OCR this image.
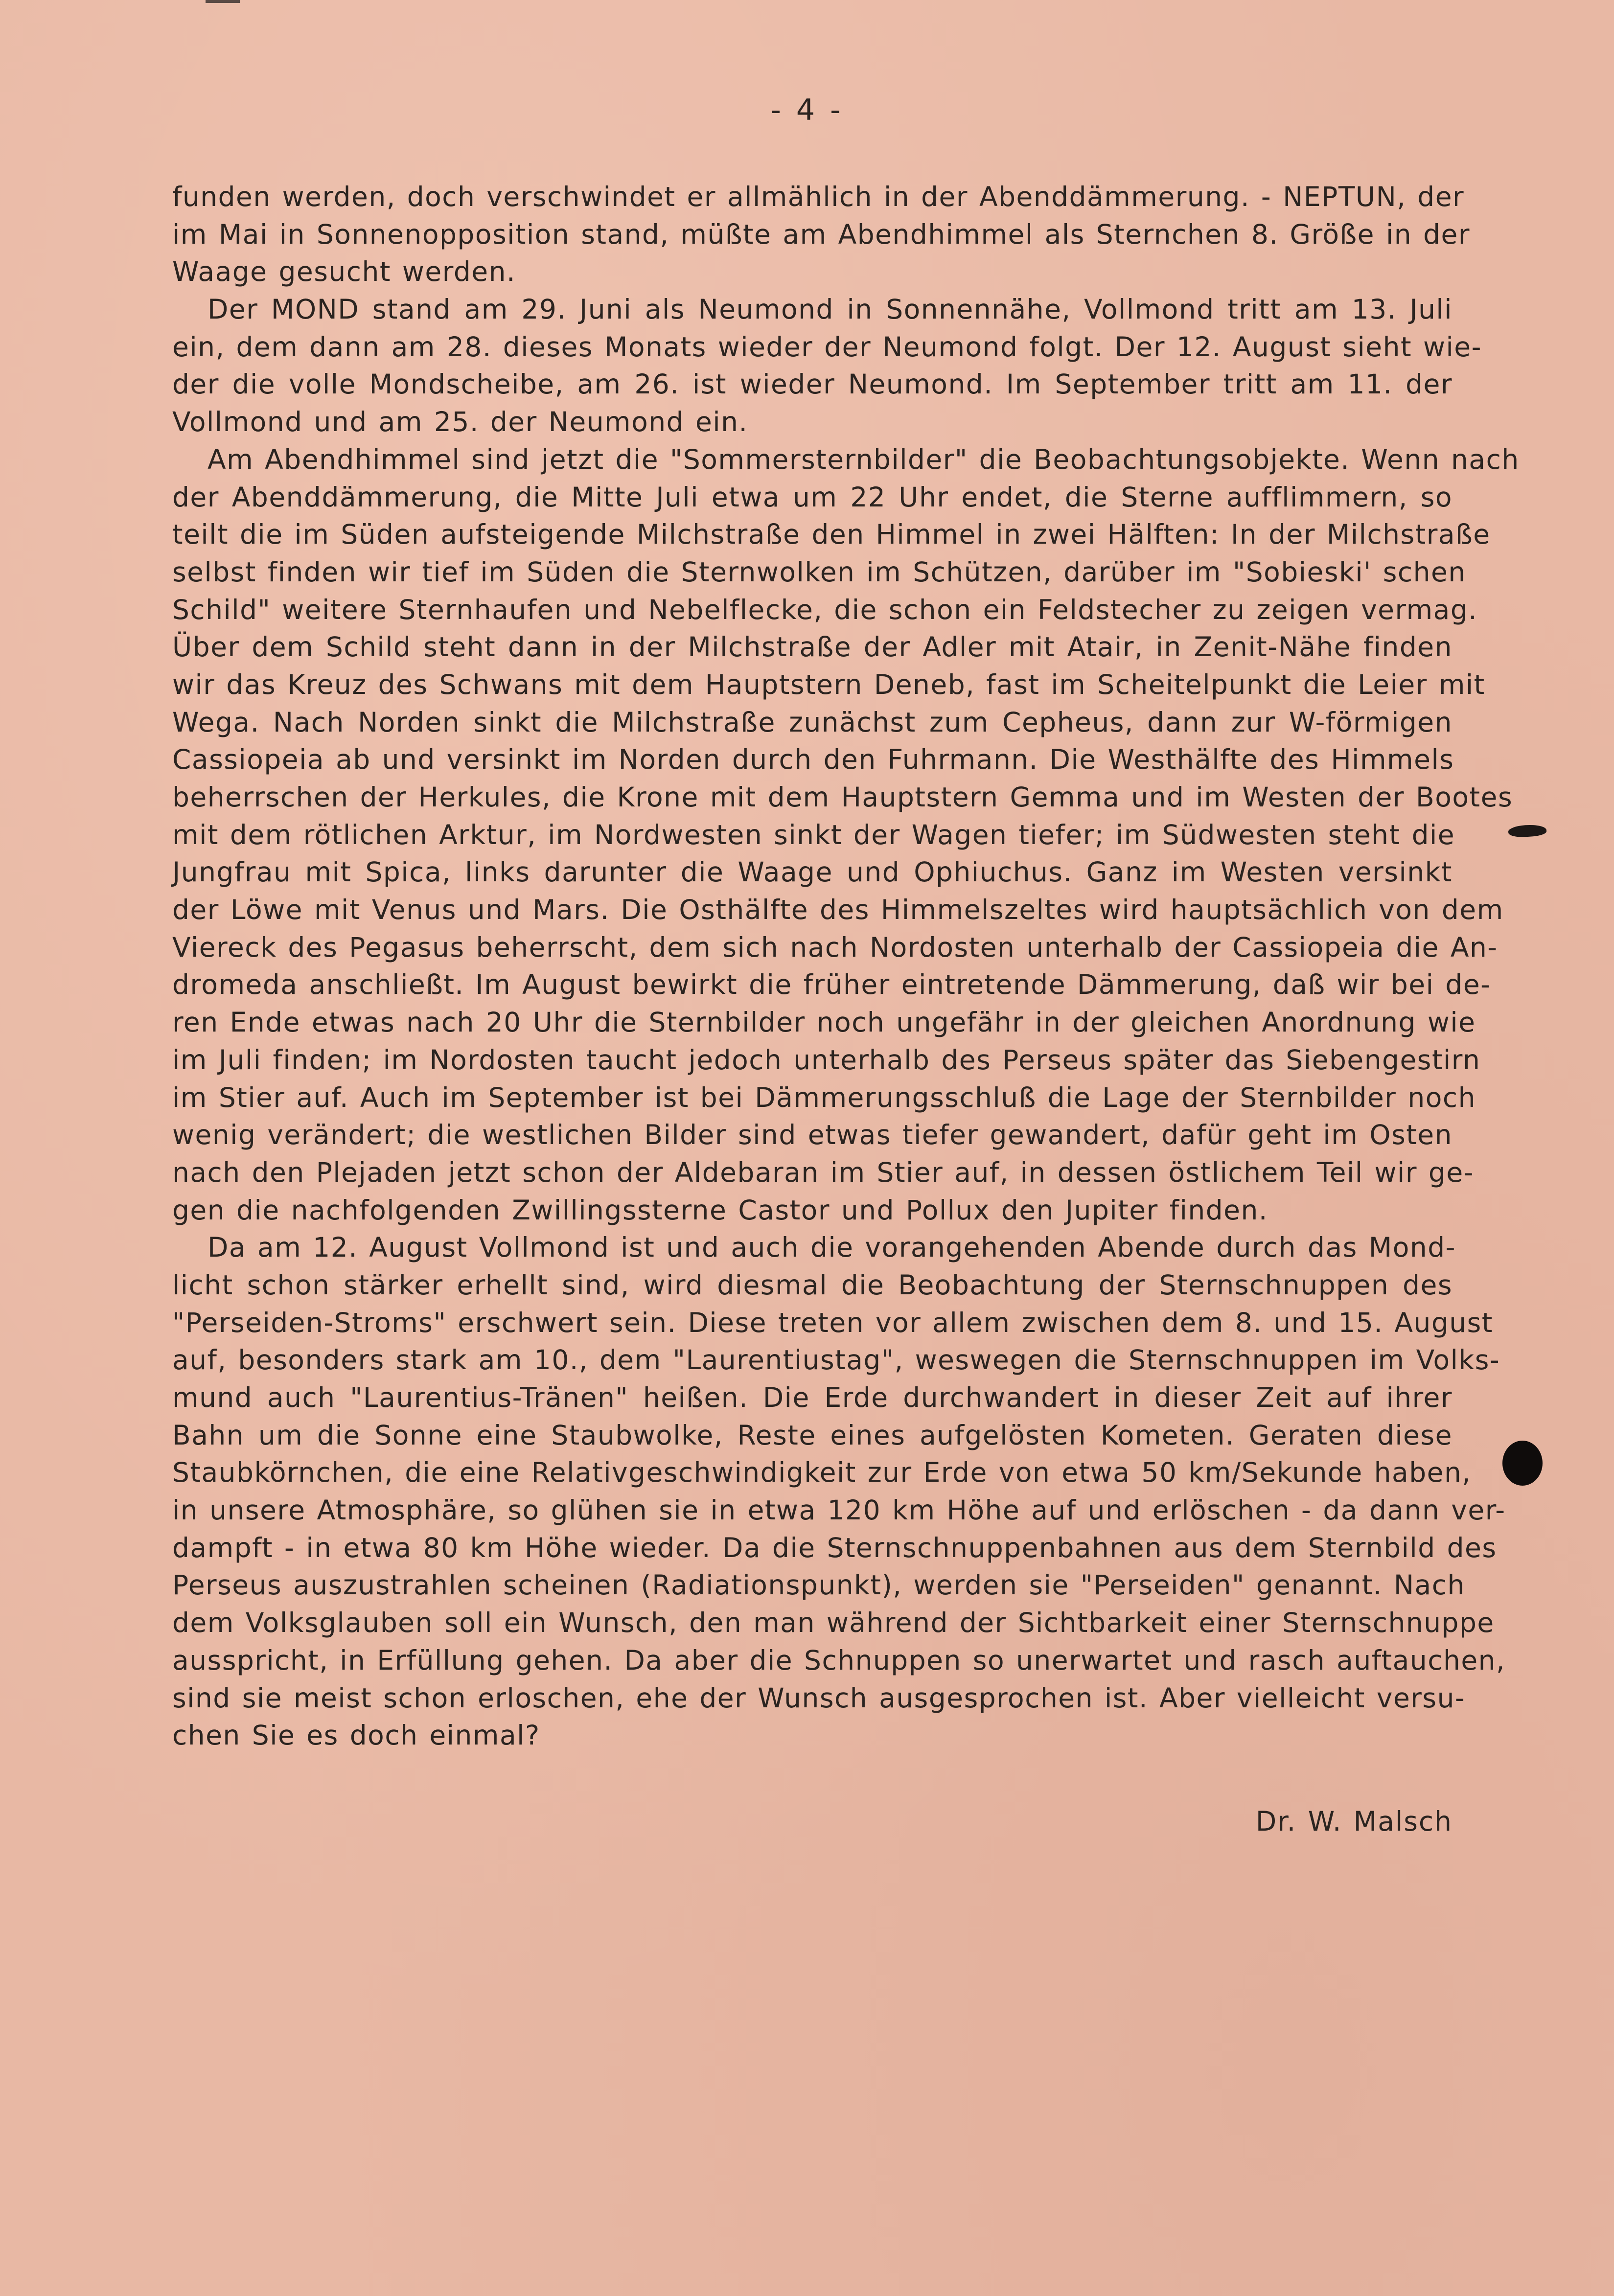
- 4 -
funden werden, doch verschwindet er allmählich in der Abenddämmerung. - NEPTUN, der
im Mai in Sonnenopposition stand, müßte am Abendhimmel als Sternchen 8. Größe in der
Waage gesucht werden.
Der MOND stand am 29. Juni als Neumond in Sonnennähe, Vollmond tritt am 13. Juli
ein, dem dann am 28. dieses Monats wieder der Neumond folgt. Der 12. August sieht wie-
der die volle Mondscheibe, am 26. ist wieder Neumond. Im September tritt am 11. der
Vollmond und am 25. der Neumond ein.
Am Abendhimmel sind jetzt die "Sommersternbilder" die Beobachtungsobjekte. Wenn nach
der Abenddämmerung, die Mitte Juli etwa um 22 Uhr endet, die Sterne aufflimmern, so
teilt die im Süden aufsteigende Milchstraße den Himmel in zwei Hälften: In der Milchstraße
selbst finden wir tief im Süden die Sternwolken im Schützen, darüber im "Sobieski' schen
Schild" weitere Sternhaufen und Nebelflecke, die schon ein Feldstecher zu zeigen vermag.
Über dem Schild steht dann in der Milchstraße der Adler mit Atair, in Zenit-Nähe finden
wir das Kreuz des Schwans mit dem Hauptstern Deneb, fast im Scheitelpunkt die Leier mit
Wega. Nach Norden sinkt die Milchstraße zunächst zum Cepheus, dann zur W-förmigen
Cassiopeia ab und versinkt im Norden durch den Fuhrmann. Die Westhälfte des Himmels
beherrschen der Herkules, die Krone mit dem Hauptstern Gemma und im Westen der Bootes
mit dem rötlichen Arktur, im Nordwesten sinkt der Wagen tiefer; im Südwesten steht die
Jungfrau mit Spica, links darunter die Waage und Ophiuchus. Ganz im Westen versinkt
der Löwe mit Venus und Mars. Die Osthälfte des Himmelszeltes wird hauptsächlich von dem
Viereck des Pegasus beherrscht, dem sich nach Nordosten unterhalb der Cassiopeia die An-
dromeda anschließt. Im August bewirkt die früher eintretende Dämmerung, daß wir bei de-
ren Ende etwas nach 20 Uhr die Sternbilder noch ungefähr in der gleichen Anordnung wie
im Juli finden; im Nordosten taucht jedoch unterhalb des Perseus später das Siebengestirn
im Stier auf. Auch im September ist bei Dämmerungsschluß die Lage der Sternbilder noch
wenig verändert; die westlichen Bilder sind etwas tiefer gewandert, dafür geht im Osten
nach den Plejaden jetzt schon der Aldebaran im Stier auf, in dessen östlichem Teil wir ge-
gen die nachfolgenden Zwillingssterne Castor und Pollux den Jupiter finden.
Da am 12. August Vollmond ist und auch die vorangehenden Abende durch das Mond-
licht schon stärker erhellt sind, wird diesmal die Beobachtung der Sternschnuppen des
"Perseiden-Stroms" erschwert sein. Diese treten vor allem zwischen dem 8. und 15. August
auf, besonders stark am 10., dem "Laurentiustag", weswegen die Sternschnuppen im Volks-
mund auch "Laurentius-Tränen" heißen. Die Erde durchwandert in dieser Zeit auf ihrer
Bahn um die Sonne eine Staubwolke, Reste eines aufgelösten Kometen. Geraten diese
Staubkörnchen, die eine Relativgeschwindigkeit zur Erde von etwa 50 km/Sekunde haben,
in unsere Atmosphäre, so glühen sie in etwa 120 km Höhe auf und erlöschen - da dann ver-
dampft - in etwa 80 km Höhe wieder. Da die Sternschnuppenbahnen aus dem Sternbild des
Perseus auszustrahlen scheinen (Radiationspunkt), werden sie "Perseiden" genannt. Nach
dem Volksglauben soll ein Wunsch, den man während der Sichtbarkeit einer Sternschnuppe
ausspricht, in Erfüllung gehen. Da aber die Schnuppen so unerwartet und rasch auftauchen,
sind sie meist schon erloschen, ehe der Wunsch ausgesprochen ist. Aber vielleicht versu-
chen Sie es doch einmal?
Dr. W. Malsch
